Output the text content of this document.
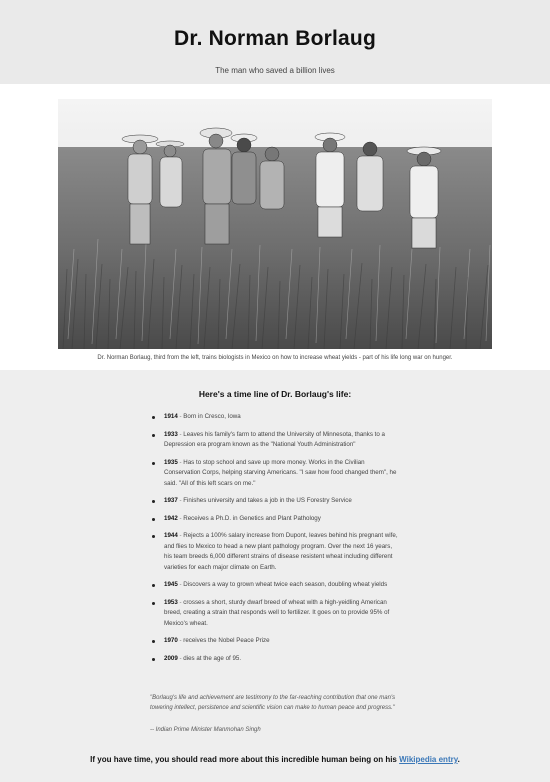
Dr. Norman Borlaug
The man who saved a billion lives
Dr. Norman Borlaug, third from the left, trains biologists in Mexico on how to increase wheat yields - part of his life long war on hunger.
Here's a time line of Dr. Borlaug's life:
1914 - Born in Cresco, Iowa
1933 - Leaves his family's farm to attend the University of Minnesota, thanks to a Depression era program known as the "National Youth Administration"
1935 - Has to stop school and save up more money. Works in the Civilian Conservation Corps, helping starving Americans. "I saw how food changed them", he said. "All of this left scars on me."
1937 - Finishes university and takes a job in the US Forestry Service
1942 - Receives a Ph.D. in Genetics and Plant Pathology
1944 - Rejects a 100% salary increase from Dupont, leaves behind his pregnant wife, and flies to Mexico to head a new plant pathology program. Over the next 16 years, his team breeds 6,000 different strains of disease resistent wheat including different varieties for each major climate on Earth.
1945 - Discovers a way to grown wheat twice each season, doubling wheat yields
1953 - crosses a short, sturdy dwarf breed of wheat with a high-yeidling American breed, creating a strain that responds well to fertilizer. It goes on to provide 95% of Mexico's wheat.
1970 - receives the Nobel Peace Prize
2009 - dies at the age of 95.
"Borlaug's life and achievement are testimony to the far-reaching contribution that one man's towering intellect, persistence and scientific vision can make to human peace and progress."
-- Indian Prime Minister Manmohan Singh
If you have time, you should read more about this incredible human being on his Wikipedia entry.
